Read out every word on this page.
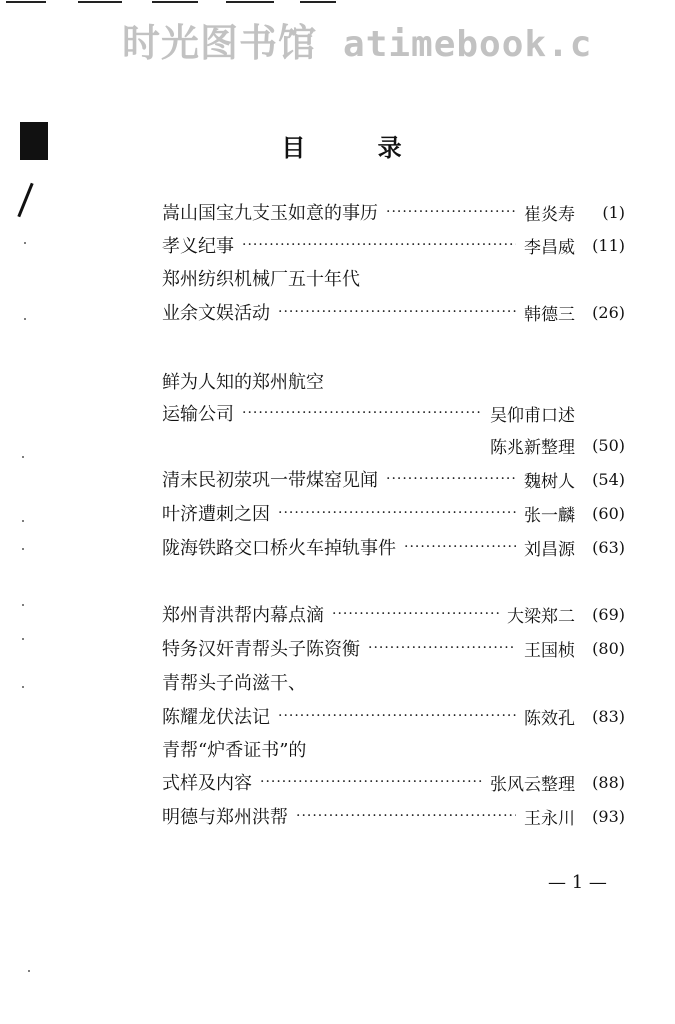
时光图书馆 atimebook.c
目 录
嵩山国宝九支玉如意的事历 ·····	崔炎寿	(1)
孝义纪事 ·····	李昌威	(11)
郑州纺织机械厂五十年代
业余文娱活动 ·····	韩德三	(26)
鲜为人知的郑州航空
运输公司 ·····	吴仰甫口述
陈兆新整理	(50)
清末民初荥巩一带煤窑见闻 ·····	魏树人	(54)
叶济遭刺之因 ·····	张一麟	(60)
陇海铁路交口桥火车掉轨事件 ·····	刘昌源	(63)
郑州青洪帮内幕点滴 ·····	大梁郑二	(69)
特务汉奸青帮头子陈资衡 ·····	王国桢	(80)
青帮头子尚滋干、
陈耀龙伏法记 ·····	陈效孔	(83)
青帮“炉香证书”的
式样及内容 ·····	张风云整理	(88)
明德与郑州洪帮 ·····	王永川	(93)
— 1 —
